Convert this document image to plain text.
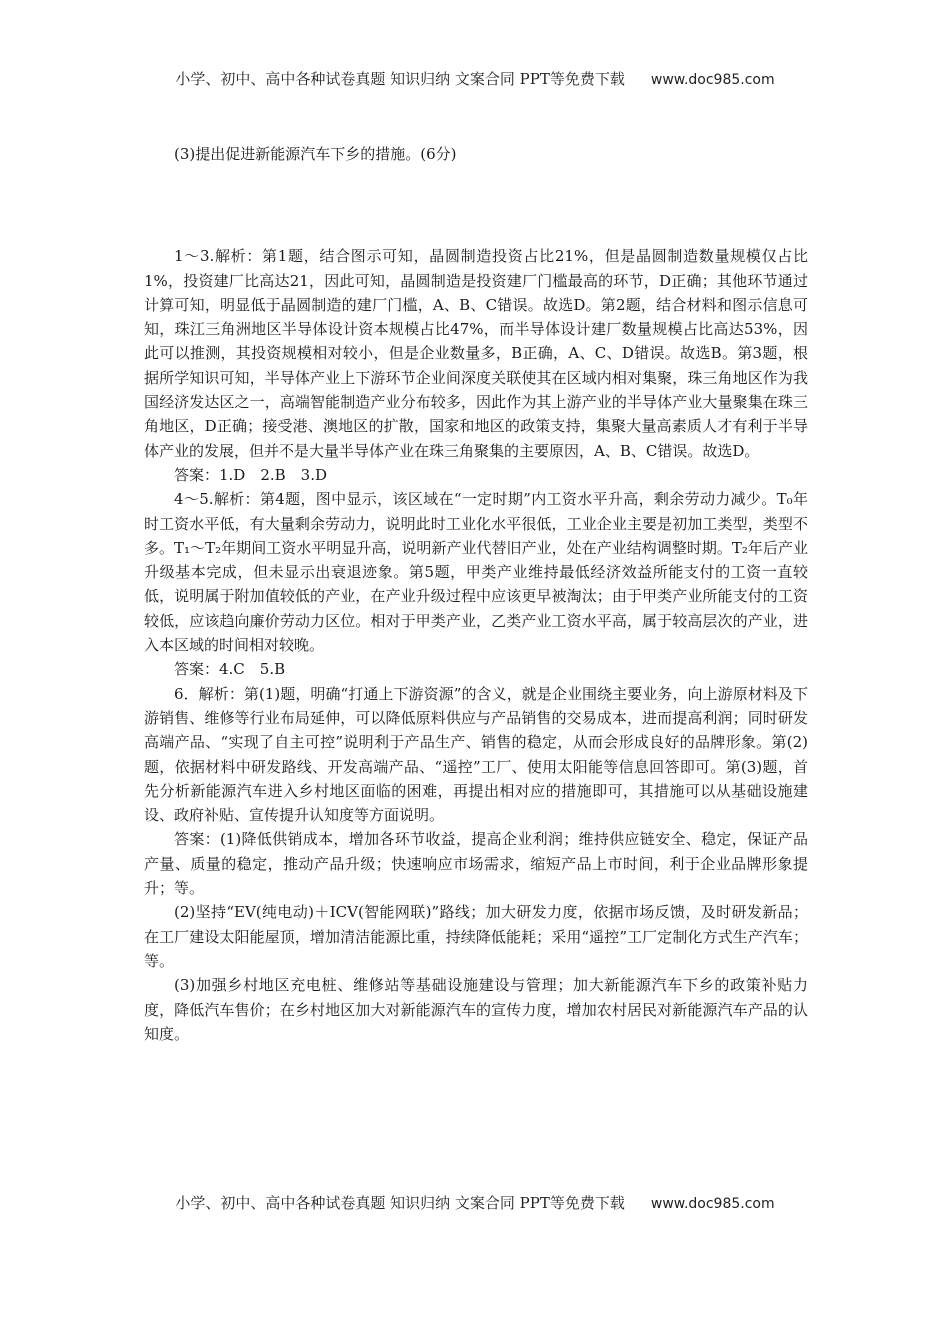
小学、初中、高中各种试卷真题 知识归纳 文案合同 PPT等免费下载 www.doc985.com

(3)提出促进新能源汽车下乡的措施。(6分)

1～3.解析：第1题，结合图示可知，晶圆制造投资占比21%，但是晶圆制造数量规模仅占比1%，投资建厂比高达21，因此可知，晶圆制造是投资建厂门槛最高的环节，D正确；其他环节通过计算可知，明显低于晶圆制造的建厂门槛，A、B、C错误。故选D。第2题，结合材料和图示信息可知，珠江三角洲地区半导体设计资本规模占比47%，而半导体设计建厂数量规模占比高达53%，因此可以推测，其投资规模相对较小，但是企业数量多，B正确，A、C、D错误。故选B。第3题，根据所学知识可知，半导体产业上下游环节企业间深度关联使其在区域内相对集聚，珠三角地区作为我国经济发达区之一，高端智能制造产业分布较多，因此作为其上游产业的半导体产业大量聚集在珠三角地区，D正确；接受港、澳地区的扩散，国家和地区的政策支持，集聚大量高素质人才有利于半导体产业的发展，但并不是大量半导体产业在珠三角聚集的主要原因，A、B、C错误。故选D。

答案：1.D　2.B　3.D

4～5.解析：第4题，图中显示，该区域在“一定时期”内工资水平升高，剩余劳动力减少。T₀年时工资水平低，有大量剩余劳动力，说明此时工业化水平很低，工业企业主要是初加工类型，类型不多。T₁～T₂年期间工资水平明显升高，说明新产业代替旧产业，处在产业结构调整时期。T₂年后产业升级基本完成，但未显示出衰退迹象。第5题，甲类产业维持最低经济效益所能支付的工资一直较低，说明属于附加值较低的产业，在产业升级过程中应该更早被淘汰；由于甲类产业所能支付的工资较低，应该趋向廉价劳动力区位。相对于甲类产业，乙类产业工资水平高，属于较高层次的产业，进入本区域的时间相对较晚。

答案：4.C　5.B

6．解析：第(1)题，明确“打通上下游资源”的含义，就是企业围绕主要业务，向上游原材料及下游销售、维修等行业布局延伸，可以降低原料供应与产品销售的交易成本，进而提高利润；同时研发高端产品、“实现了自主可控”说明利于产品生产、销售的稳定，从而会形成良好的品牌形象。第(2)题，依据材料中研发路线、开发高端产品、“遥控”工厂、使用太阳能等信息回答即可。第(3)题，首先分析新能源汽车进入乡村地区面临的困难，再提出相对应的措施即可，其措施可以从基础设施建设、政府补贴、宣传提升认知度等方面说明。

答案：(1)降低供销成本，增加各环节收益，提高企业利润；维持供应链安全、稳定，保证产品产量、质量的稳定，推动产品升级；快速响应市场需求，缩短产品上市时间，利于企业品牌形象提升；等。

(2)坚持“EV(纯电动)＋ICV(智能网联)”路线；加大研发力度，依据市场反馈，及时研发新品；在工厂建设太阳能屋顶，增加清洁能源比重，持续降低能耗；采用“遥控”工厂定制化方式生产汽车；等。

(3)加强乡村地区充电桩、维修站等基础设施建设与管理；加大新能源汽车下乡的政策补贴力度，降低汽车售价；在乡村地区加大对新能源汽车的宣传力度，增加农村居民对新能源汽车产品的认知度。

小学、初中、高中各种试卷真题 知识归纳 文案合同 PPT等免费下载 www.doc985.com
